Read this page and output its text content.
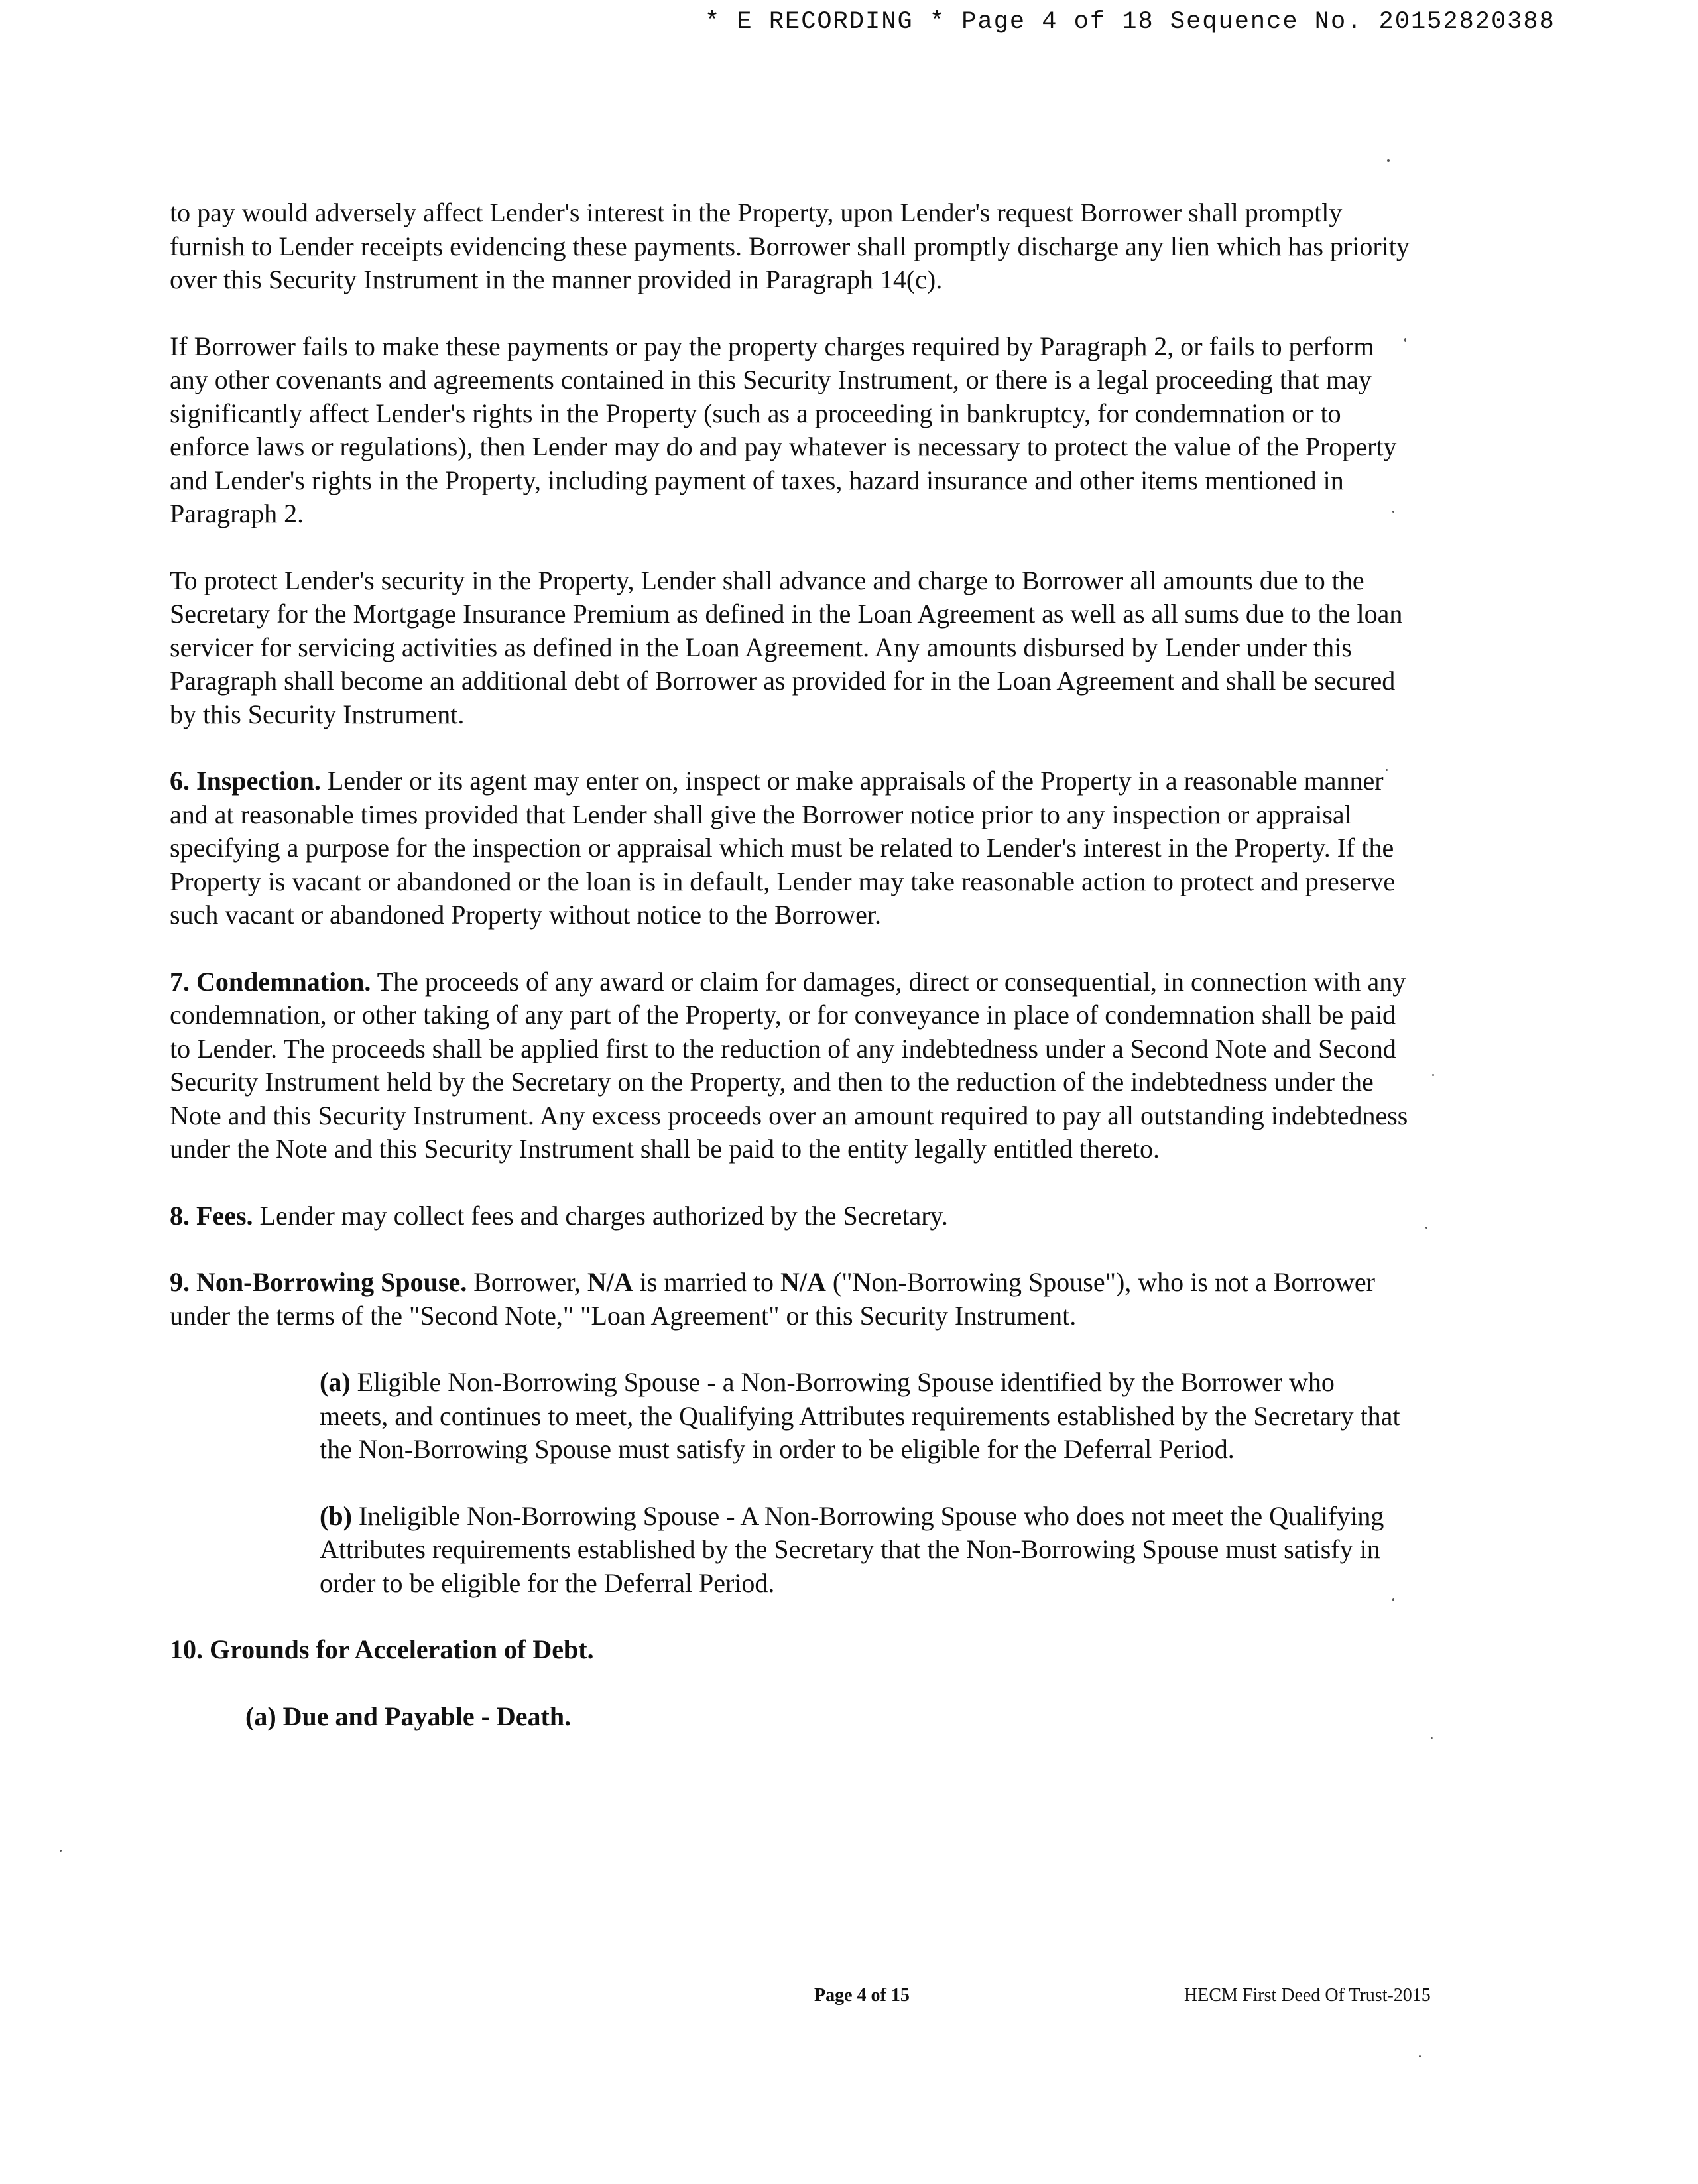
* E RECORDING * Page 4 of 18 Sequence No. 20152820388

to pay would adversely affect Lender's interest in the Property, upon Lender's request Borrower shall promptly furnish to Lender receipts evidencing these payments. Borrower shall promptly discharge any lien which has priority over this Security Instrument in the manner provided in Paragraph 14(c).

If Borrower fails to make these payments or pay the property charges required by Paragraph 2, or fails to perform any other covenants and agreements contained in this Security Instrument, or there is a legal proceeding that may significantly affect Lender's rights in the Property (such as a proceeding in bankruptcy, for condemnation or to enforce laws or regulations), then Lender may do and pay whatever is necessary to protect the value of the Property and Lender's rights in the Property, including payment of taxes, hazard insurance and other items mentioned in Paragraph 2.

To protect Lender's security in the Property, Lender shall advance and charge to Borrower all amounts due to the Secretary for the Mortgage Insurance Premium as defined in the Loan Agreement as well as all sums due to the loan servicer for servicing activities as defined in the Loan Agreement. Any amounts disbursed by Lender under this Paragraph shall become an additional debt of Borrower as provided for in the Loan Agreement and shall be secured by this Security Instrument.

6. Inspection. Lender or its agent may enter on, inspect or make appraisals of the Property in a reasonable manner and at reasonable times provided that Lender shall give the Borrower notice prior to any inspection or appraisal specifying a purpose for the inspection or appraisal which must be related to Lender's interest in the Property. If the Property is vacant or abandoned or the loan is in default, Lender may take reasonable action to protect and preserve such vacant or abandoned Property without notice to the Borrower.

7. Condemnation. The proceeds of any award or claim for damages, direct or consequential, in connection with any condemnation, or other taking of any part of the Property, or for conveyance in place of condemnation shall be paid to Lender. The proceeds shall be applied first to the reduction of any indebtedness under a Second Note and Second Security Instrument held by the Secretary on the Property, and then to the reduction of the indebtedness under the Note and this Security Instrument. Any excess proceeds over an amount required to pay all outstanding indebtedness under the Note and this Security Instrument shall be paid to the entity legally entitled thereto.

8. Fees. Lender may collect fees and charges authorized by the Secretary.

9. Non-Borrowing Spouse. Borrower, N/A is married to N/A ("Non-Borrowing Spouse"), who is not a Borrower under the terms of the "Second Note," "Loan Agreement" or this Security Instrument.

(a) Eligible Non-Borrowing Spouse - a Non-Borrowing Spouse identified by the Borrower who meets, and continues to meet, the Qualifying Attributes requirements established by the Secretary that the Non-Borrowing Spouse must satisfy in order to be eligible for the Deferral Period.

(b) Ineligible Non-Borrowing Spouse - A Non-Borrowing Spouse who does not meet the Qualifying Attributes requirements established by the Secretary that the Non-Borrowing Spouse must satisfy in order to be eligible for the Deferral Period.

10. Grounds for Acceleration of Debt.

(a) Due and Payable - Death.

Page 4 of 15	HECM First Deed Of Trust-2015
